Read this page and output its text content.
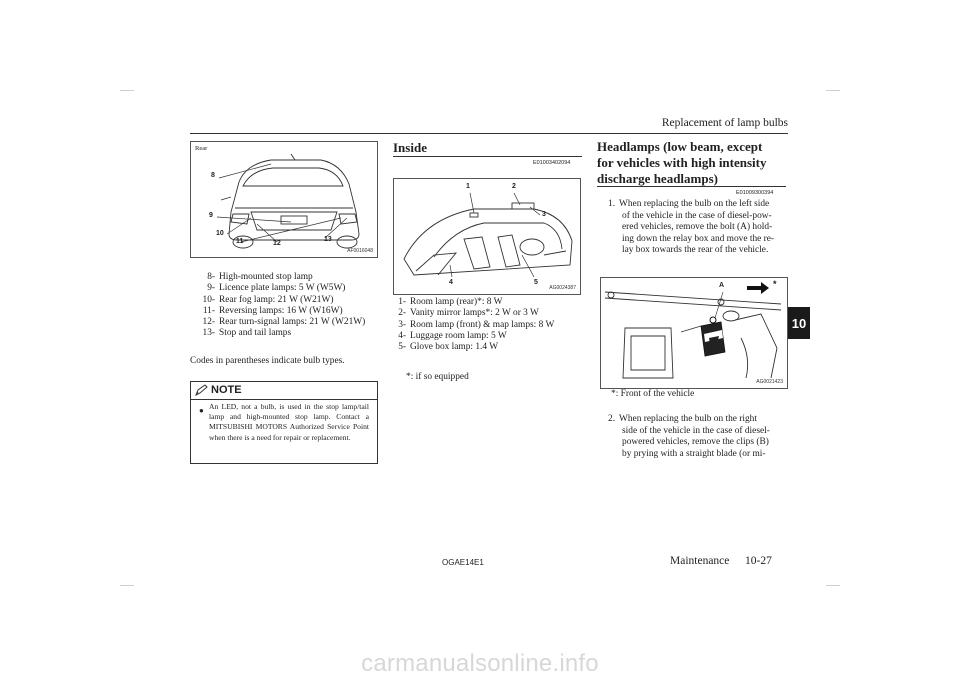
Replacement of lamp bulbs
Rear
8
9
10
11	12
13
AF0016048
8- High-mounted stop lamp
9- Licence plate lamps: 5 W (W5W)
10- Rear fog lamp: 21 W (W21W)
11- Reversing lamps: 16 W (W16W)
12- Rear turn-signal lamps: 21 W (W21W)
13- Stop and tail lamps
Codes in parentheses indicate bulb types.
NOTE
● An LED, not a bulb, is used in the stop lamp/tail lamp and high-mounted stop lamp. Contact a MITSUBISHI MOTORS Authorized Service Point when there is a need for repair or replacement.
Inside
E01003402094
1	2
3
4	5
AG0024387
1- Room lamp (rear)*: 8 W
2- Vanity mirror lamps*: 2 W or 3 W
3- Room lamp (front) & map lamps: 8 W
4- Luggage room lamp: 5 W
5- Glove box lamp: 1.4 W
*: if so equipped
Headlamps (low beam, except
for vehicles with high intensity
discharge headlamps)
E01009300394
1. When replacing the bulb on the left side
of the vehicle in the case of diesel-pow-
ered vehicles, remove the bolt (A) hold-
ing down the relay box and move the re-
lay box towards the rear of the vehicle.
A	*
AG0021423
*: Front of the vehicle
2. When replacing the bulb on the right
side of the vehicle in the case of diesel-
powered vehicles, remove the clips (B)
by prying with a straight blade (or mi-
10
OGAE14E1	Maintenance 10-27
carmanualsonline.info
